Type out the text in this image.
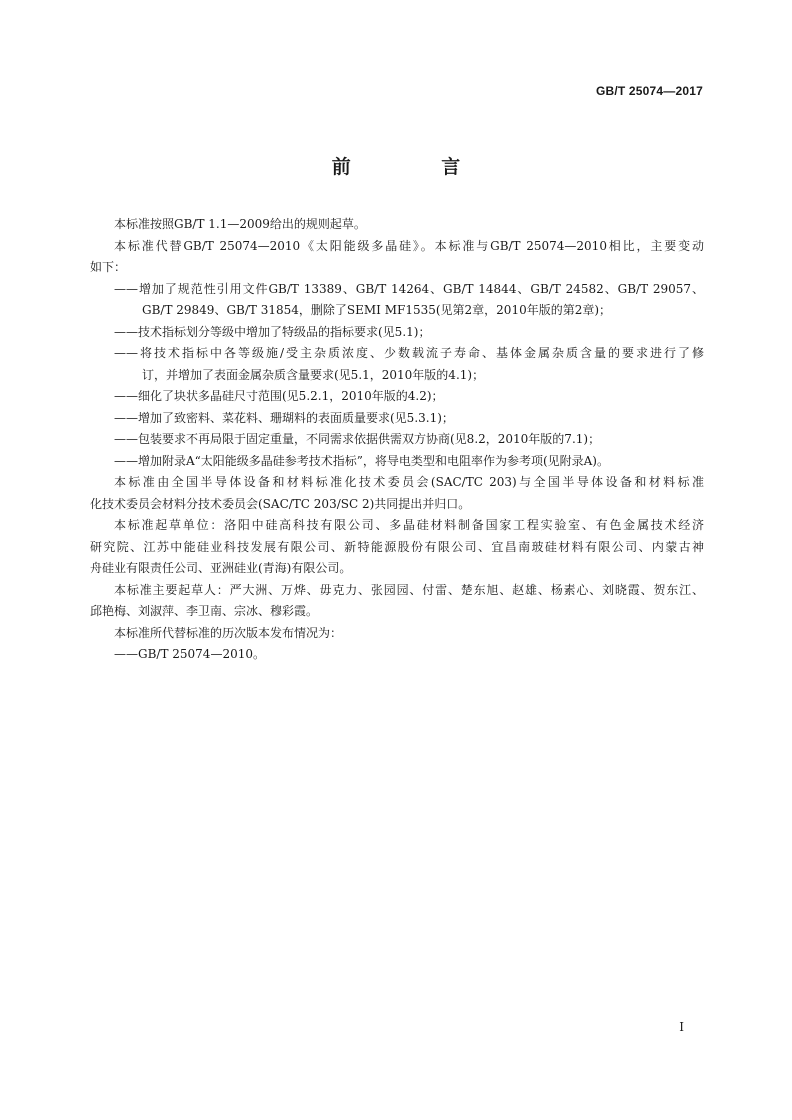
GB/T 25074—2017
前 言
本标准按照GB/T 1.1—2009给出的规则起草。
本标准代替GB/T 25074—2010《太阳能级多晶硅》。本标准与GB/T 25074—2010相比，主要变动
如下：
——增加了规范性引用文件GB/T 13389、GB/T 14264、GB/T 14844、GB/T 24582、GB/T 29057、
GB/T 29849、GB/T 31854，删除了SEMI MF1535(见第2章，2010年版的第2章)；
——技术指标划分等级中增加了特级品的指标要求(见5.1)；
——将技术指标中各等级施/受主杂质浓度、少数载流子寿命、基体金属杂质含量的要求进行了修
订，并增加了表面金属杂质含量要求(见5.1，2010年版的4.1)；
——细化了块状多晶硅尺寸范围(见5.2.1，2010年版的4.2)；
——增加了致密料、菜花料、珊瑚料的表面质量要求(见5.3.1)；
——包装要求不再局限于固定重量，不同需求依据供需双方协商(见8.2，2010年版的7.1)；
——增加附录A“太阳能级多晶硅参考技术指标”，将导电类型和电阻率作为参考项(见附录A)。
本标准由全国半导体设备和材料标准化技术委员会(SAC/TC 203)与全国半导体设备和材料标准
化技术委员会材料分技术委员会(SAC/TC 203/SC 2)共同提出并归口。
本标准起草单位：洛阳中硅高科技有限公司、多晶硅材料制备国家工程实验室、有色金属技术经济
研究院、江苏中能硅业科技发展有限公司、新特能源股份有限公司、宜昌南玻硅材料有限公司、内蒙古神
舟硅业有限责任公司、亚洲硅业(青海)有限公司。
本标准主要起草人：严大洲、万烨、毋克力、张园园、付雷、楚东旭、赵雄、杨素心、刘晓霞、贺东江、
邱艳梅、刘淑萍、李卫南、宗冰、穆彩霞。
本标准所代替标准的历次版本发布情况为：
——GB/T 25074—2010。
I
